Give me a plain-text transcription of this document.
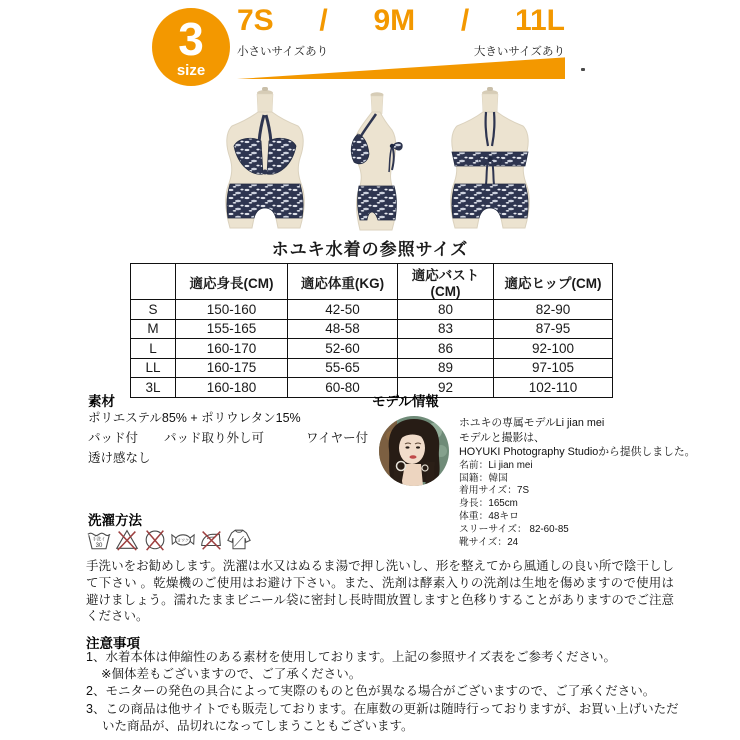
3
size
7S / 9M / 11L
小さいサイズあり	大きいサイズあり
ホユキ水着の参照サイズ
	適応身長(CM)	適応体重(KG)	適応バスト(CM)	適応ヒップ(CM)
S	150-160	42-50	80	82-90
M	155-165	48-58	83	87-95
L	160-170	52-60	86	92-100
LL	160-175	55-65	89	97-105
3L	160-180	60-80	92	102-110
素材
ポリエステル85% + ポリウレタン15%
パッド付 パッド取り外し可	ワイヤー付
透け感なし
モデル情報
ホユキの専属モデルLi jian mei
モデルと撮影は、
HOYUKI Photography Studioから提供しました。
名前：Li jian mei
国籍：韓国
着用サイズ：7S
身長：165cm
体重：48キロ
スリーサイズ： 82-60-85
靴サイズ：24
洗濯方法
手洗イ
30
ヨワク
手洗いをお勧めします。洗濯は水又はぬるま湯で押し洗いし、形を整えてから風通しの良い所で陰干しして下さい 。乾燥機のご使用はお避け下さい。また、洗剤は酵素入りの洗剤は生地を傷めますので使用は避けましょう。濡れたままビニール袋に密封し長時間放置しますと色移りすることがありますのでご注意ください。
注意事項
1、水着本体は伸縮性のある素材を使用しております。上記の参照サイズ表をご参考ください。
※個体差もございますので、ご了承ください。
2、モニターの発色の具合によって実際のものと色が異なる場合がございますので、ご了承ください。
3、この商品は他サイトでも販売しております。在庫数の更新は随時行っておりますが、お買い上げいただいた商品が、品切れになってしまうこともございます。
